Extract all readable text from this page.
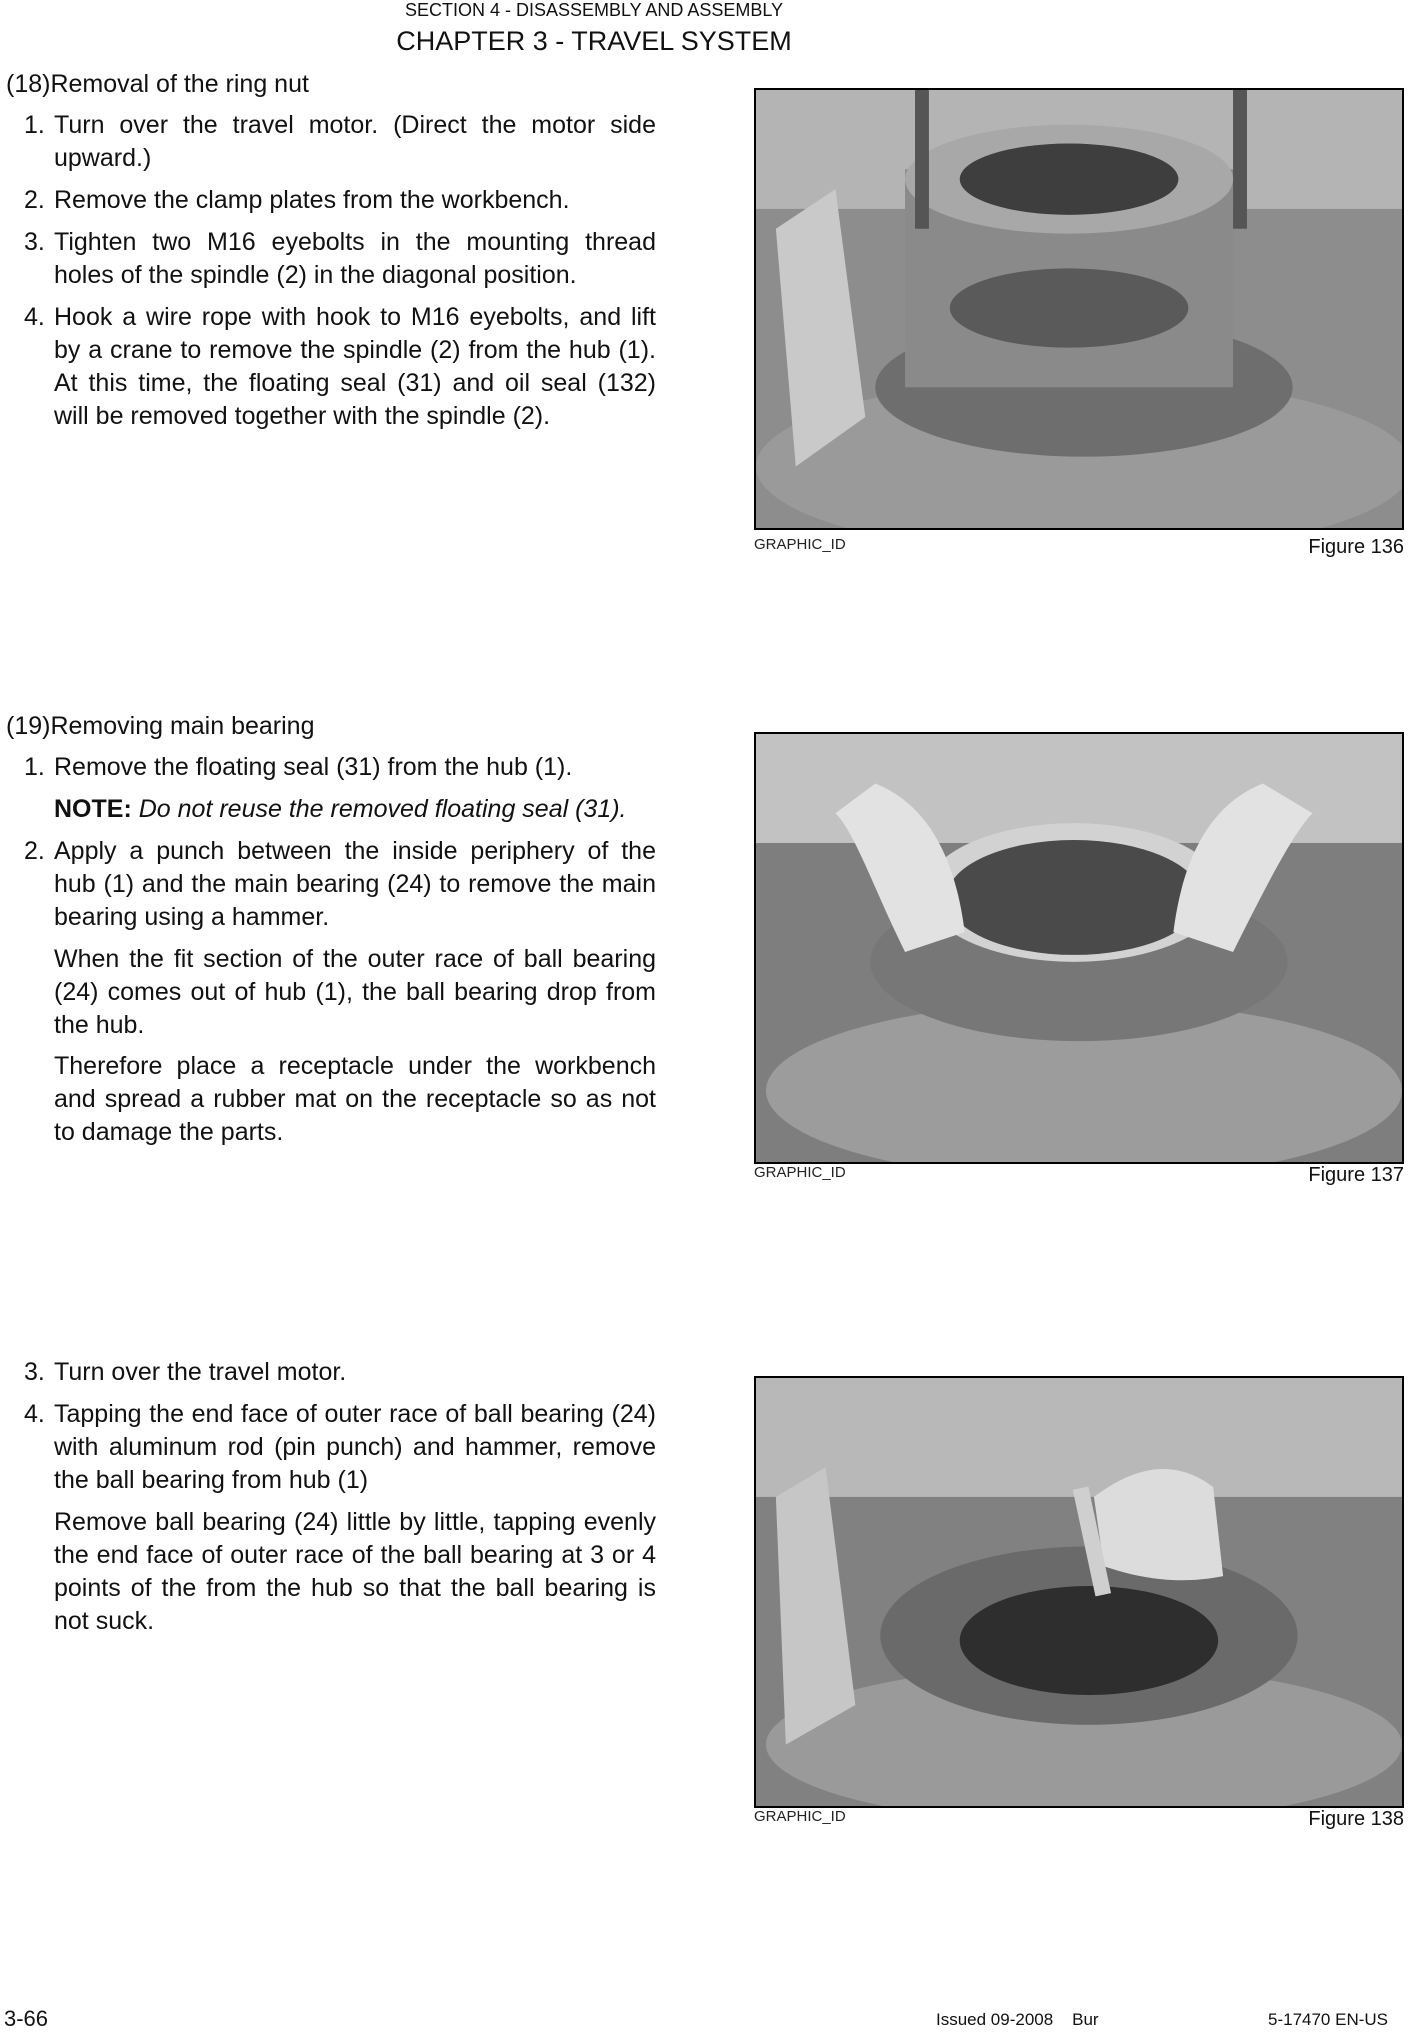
SECTION 4 - DISASSEMBLY AND ASSEMBLY
CHAPTER 3 - TRAVEL SYSTEM
(18)Removal of the ring nut
1. Turn over the travel motor. (Direct the motor side upward.)
2. Remove the clamp plates from the workbench.
3. Tighten two M16 eyebolts in the mounting thread holes of the spindle (2) in the diagonal position.
4. Hook a wire rope with hook to M16 eyebolts, and lift by a crane to remove the spindle (2) from the hub (1). At this time, the floating seal (31) and oil seal (132) will be removed together with the spindle (2).
GRAPHIC_ID	Figure 136
(19)Removing main bearing
1. Remove the floating seal (31) from the hub (1).
NOTE: Do not reuse the removed floating seal (31).
2. Apply a punch between the inside periphery of the hub (1) and the main bearing (24) to remove the main bearing using a hammer.
When the fit section of the outer race of ball bearing (24) comes out of hub (1), the ball bearing drop from the hub.
Therefore place a receptacle under the workbench and spread a rubber mat on the receptacle so as not to damage the parts.
GRAPHIC_ID	Figure 137
3. Turn over the travel motor.
4. Tapping the end face of outer race of ball bearing (24) with aluminum rod (pin punch) and hammer, remove the ball bearing from hub (1)
Remove ball bearing (24) little by little, tapping evenly the end face of outer race of the ball bearing at 3 or 4 points of the from the hub so that the ball bearing is not suck.
GRAPHIC_ID	Figure 138
3-66	Issued 09-2008 Bur	5-17470 EN-US
